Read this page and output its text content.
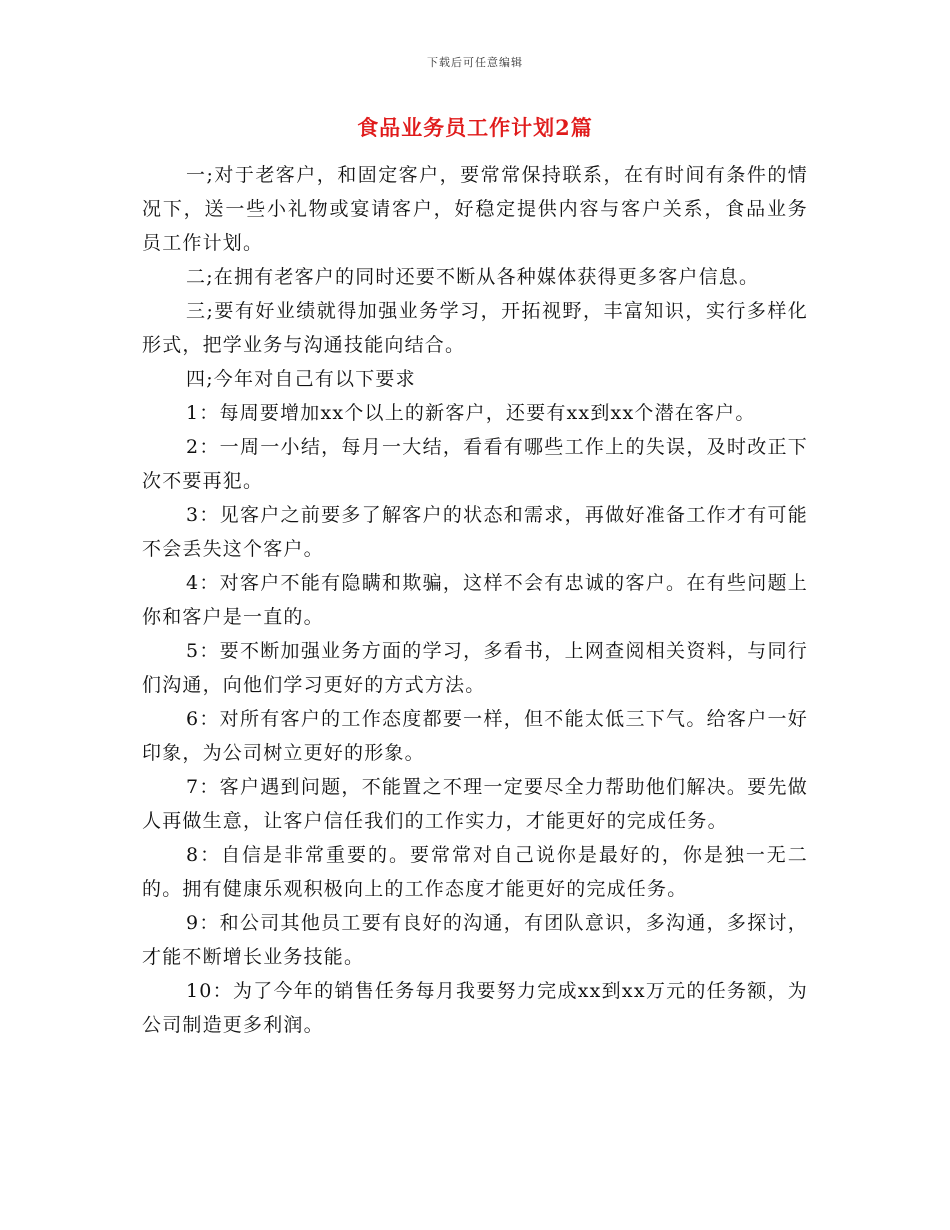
下载后可任意编辑
食品业务员工作计划2篇

一;对于老客户，和固定客户，要常常保持联系，在有时间有条件的情况下，送一些小礼物或宴请客户，好稳定提供内容与客户关系，食品业务员工作计划。

二;在拥有老客户的同时还要不断从各种媒体获得更多客户信息。

三;要有好业绩就得加强业务学习，开拓视野，丰富知识，实行多样化形式，把学业务与沟通技能向结合。

四;今年对自己有以下要求

1：每周要增加xx个以上的新客户，还要有xx到xx个潜在客户。

2：一周一小结，每月一大结，看看有哪些工作上的失误，及时改正下次不要再犯。

3：见客户之前要多了解客户的状态和需求，再做好准备工作才有可能不会丢失这个客户。

4：对客户不能有隐瞒和欺骗，这样不会有忠诚的客户。在有些问题上你和客户是一直的。

5：要不断加强业务方面的学习，多看书，上网查阅相关资料，与同行们沟通，向他们学习更好的方式方法。

6：对所有客户的工作态度都要一样，但不能太低三下气。给客户一好印象，为公司树立更好的形象。

7：客户遇到问题，不能置之不理一定要尽全力帮助他们解决。要先做人再做生意，让客户信任我们的工作实力，才能更好的完成任务。

8：自信是非常重要的。要常常对自己说你是最好的，你是独一无二的。拥有健康乐观积极向上的工作态度才能更好的完成任务。

9：和公司其他员工要有良好的沟通，有团队意识，多沟通，多探讨，才能不断增长业务技能。

10：为了今年的销售任务每月我要努力完成xx到xx万元的任务额，为公司制造更多利润。
